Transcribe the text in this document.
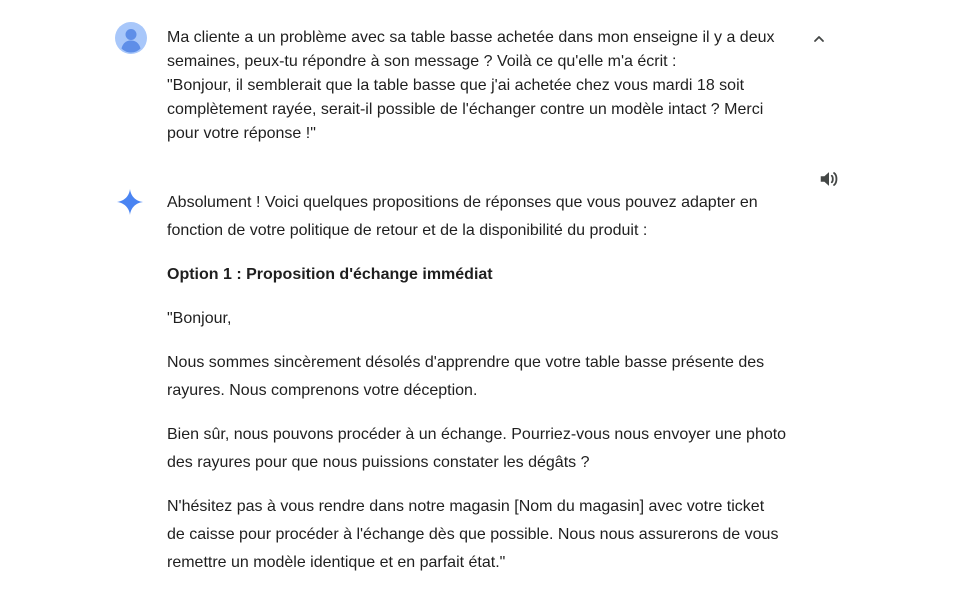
Ma cliente a un problème avec sa table basse achetée dans mon enseigne il y a deux
semaines, peux-tu répondre à son message ? Voilà ce qu'elle m'a écrit :
"Bonjour, il semblerait que la table basse que j'ai achetée chez vous mardi 18 soit
complètement rayée, serait-il possible de l'échanger contre un modèle intact ? Merci
pour votre réponse !"

Absolument ! Voici quelques propositions de réponses que vous pouvez adapter en
fonction de votre politique de retour et de la disponibilité du produit :

Option 1 : Proposition d'échange immédiat

"Bonjour,

Nous sommes sincèrement désolés d'apprendre que votre table basse présente des
rayures. Nous comprenons votre déception.

Bien sûr, nous pouvons procéder à un échange. Pourriez-vous nous envoyer une photo
des rayures pour que nous puissions constater les dégâts ?

N'hésitez pas à vous rendre dans notre magasin [Nom du magasin] avec votre ticket
de caisse pour procéder à l'échange dès que possible. Nous nous assurerons de vous
remettre un modèle identique et en parfait état."
